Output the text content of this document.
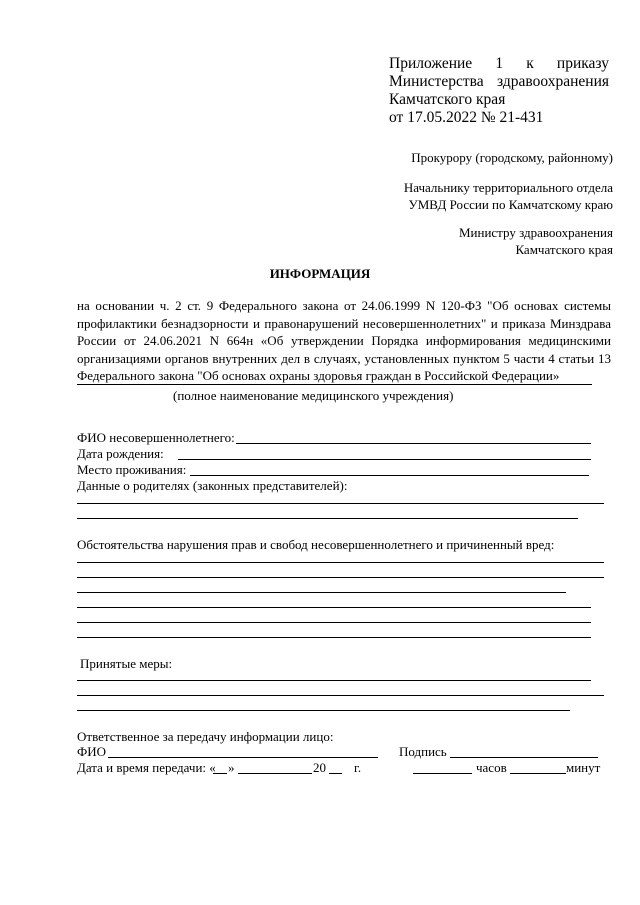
Приложение 1 к приказу
Министерства здравоохранения
Камчатского края
от 17.05.2022 № 21-431
Прокурору (городскому, районному)
Начальнику территориального отдела
УМВД России по Камчатскому краю
Министру здравоохранения
Камчатского края
ИНФОРМАЦИЯ

на основании ч. 2 ст. 9 Федерального закона от 24.06.1999 N 120-ФЗ "Об основах системы профилактики безнадзорности и правонарушений несовершеннолетних" и приказа Минздрава России от 24.06.2021 N 664н «Об утверждении Порядка информирования медицинскими организациями органов внутренних дел в случаях, установленных пунктом 5 части 4 статьи 13 Федерального закона "Об основах охраны здоровья граждан в Российской Федерации»

(полное наименование медицинского учреждения)
ФИО несовершеннолетнего:
Дата рождения:
Место проживания:
Данные о родителях (законных представителей):
Обстоятельства нарушения прав и свобод несовершеннолетнего и причиненный вред:
Принятые меры:
Ответственное за передачу информации лицо:
ФИО	Подпись
Дата и время передачи: « »	20 г.	часов	минут
